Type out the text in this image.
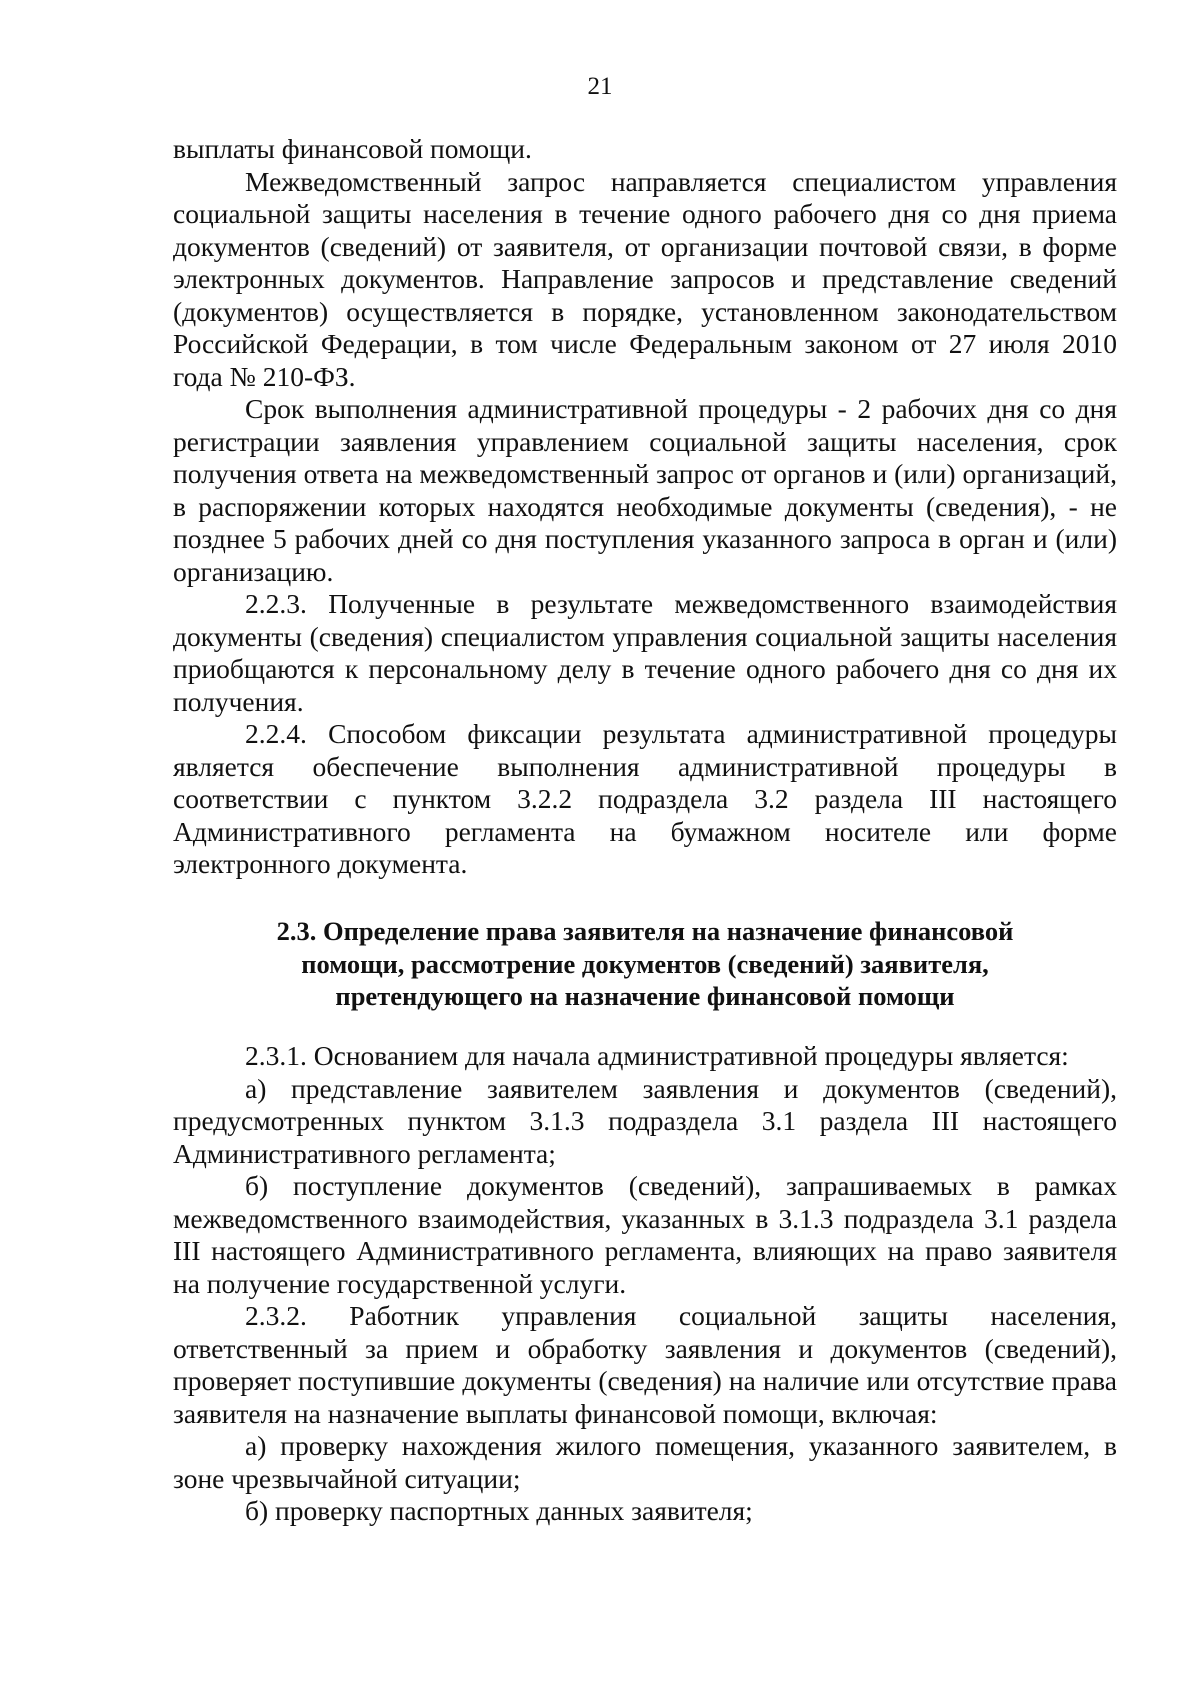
21

выплаты финансовой помощи.

Межведомственный запрос направляется специалистом управления социальной защиты населения в течение одного рабочего дня со дня приема документов (сведений) от заявителя, от организации почтовой связи, в форме электронных документов. Направление запросов и представление сведений (документов) осуществляется в порядке, установленном законодательством Российской Федерации, в том числе Федеральным законом от 27 июля 2010 года № 210-ФЗ.

Срок выполнения административной процедуры - 2 рабочих дня со дня регистрации заявления управлением социальной защиты населения, срок получения ответа на межведомственный запрос от органов и (или) организаций, в распоряжении которых находятся необходимые документы (сведения), - не позднее 5 рабочих дней со дня поступления указанного запроса в орган и (или) организацию.

2.2.3. Полученные в результате межведомственного взаимодействия документы (сведения) специалистом управления социальной защиты населения приобщаются к персональному делу в течение одного рабочего дня со дня их получения.

2.2.4. Способом фиксации результата административной процедуры является обеспечение выполнения административной процедуры в соответствии с пунктом 3.2.2 подраздела 3.2 раздела III настоящего Административного регламента на бумажном носителе или форме электронного документа.

2.3. Определение права заявителя на назначение финансовой
помощи, рассмотрение документов (сведений) заявителя,
претендующего на назначение финансовой помощи

2.3.1. Основанием для начала административной процедуры является:

а) представление заявителем заявления и документов (сведений), предусмотренных пунктом 3.1.3 подраздела 3.1 раздела III настоящего Административного регламента;

б) поступление документов (сведений), запрашиваемых в рамках межведомственного взаимодействия, указанных в 3.1.3 подраздела 3.1 раздела III настоящего Административного регламента, влияющих на право заявителя на получение государственной услуги.

2.3.2. Работник управления социальной защиты населения, ответственный за прием и обработку заявления и документов (сведений), проверяет поступившие документы (сведения) на наличие или отсутствие права заявителя на назначение выплаты финансовой помощи, включая:

а) проверку нахождения жилого помещения, указанного заявителем, в зоне чрезвычайной ситуации;

б) проверку паспортных данных заявителя;
